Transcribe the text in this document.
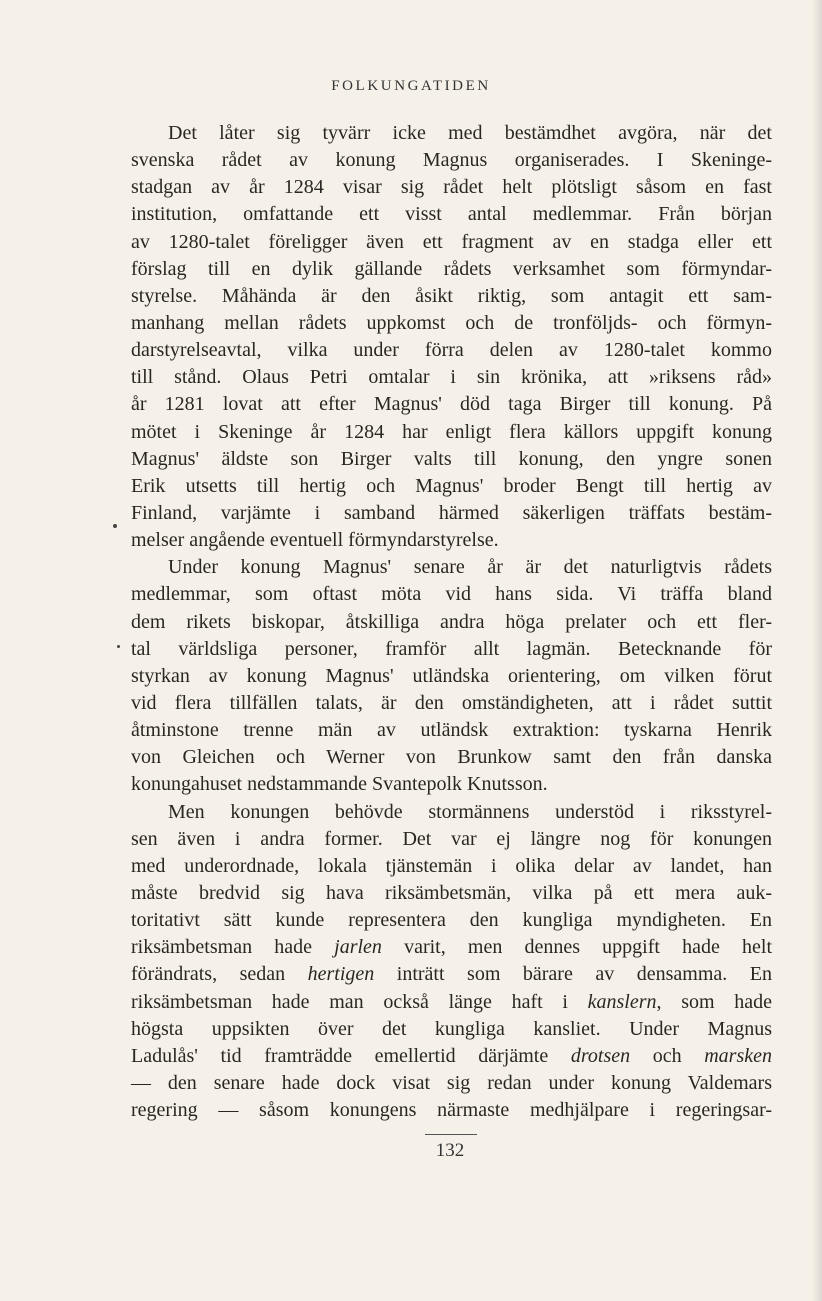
FOLKUNGATIDEN
Det låter sig tyvärr icke med bestämdhet avgöra, när det
svenska rådet av konung Magnus organiserades. I Skeninge-
stadgan av år 1284 visar sig rådet helt plötsligt såsom en fast
institution, omfattande ett visst antal medlemmar. Från början
av 1280-talet föreligger även ett fragment av en stadga eller ett
förslag till en dylik gällande rådets verksamhet som förmyndar-
styrelse. Måhända är den åsikt riktig, som antagit ett sam-
manhang mellan rådets uppkomst och de tronföljds- och förmyn-
darstyrelseavtal, vilka under förra delen av 1280-talet kommo
till stånd. Olaus Petri omtalar i sin krönika, att »riksens råd»
år 1281 lovat att efter Magnus' död taga Birger till konung. På
mötet i Skeninge år 1284 har enligt flera källors uppgift konung
Magnus' äldste son Birger valts till konung, den yngre sonen
Erik utsetts till hertig och Magnus' broder Bengt till hertig av
Finland, varjämte i samband härmed säkerligen träffats bestäm-
melser angående eventuell förmyndarstyrelse.
Under konung Magnus' senare år är det naturligtvis rådets
medlemmar, som oftast möta vid hans sida. Vi träffa bland
dem rikets biskopar, åtskilliga andra höga prelater och ett fler-
tal världsliga personer, framför allt lagmän. Betecknande för
styrkan av konung Magnus' utländska orientering, om vilken förut
vid flera tillfällen talats, är den omständigheten, att i rådet suttit
åtminstone trenne män av utländsk extraktion: tyskarna Henrik
von Gleichen och Werner von Brunkow samt den från danska
konungahuset nedstammande Svantepolk Knutsson.
Men konungen behövde stormännens understöd i riksstyrel-
sen även i andra former. Det var ej längre nog för konungen
med underordnade, lokala tjänstemän i olika delar av landet, han
måste bredvid sig hava riksämbetsmän, vilka på ett mera auk-
toritativt sätt kunde representera den kungliga myndigheten. En
riksämbetsman hade jarlen varit, men dennes uppgift hade helt
förändrats, sedan hertigen inträtt som bärare av densamma. En
riksämbetsman hade man också länge haft i kanslern, som hade
högsta uppsikten över det kungliga kansliet. Under Magnus
Ladulås' tid framträdde emellertid därjämte drotsen och marsken
— den senare hade dock visat sig redan under konung Valdemars
regering — såsom konungens närmaste medhjälpare i regeringsar-
132
